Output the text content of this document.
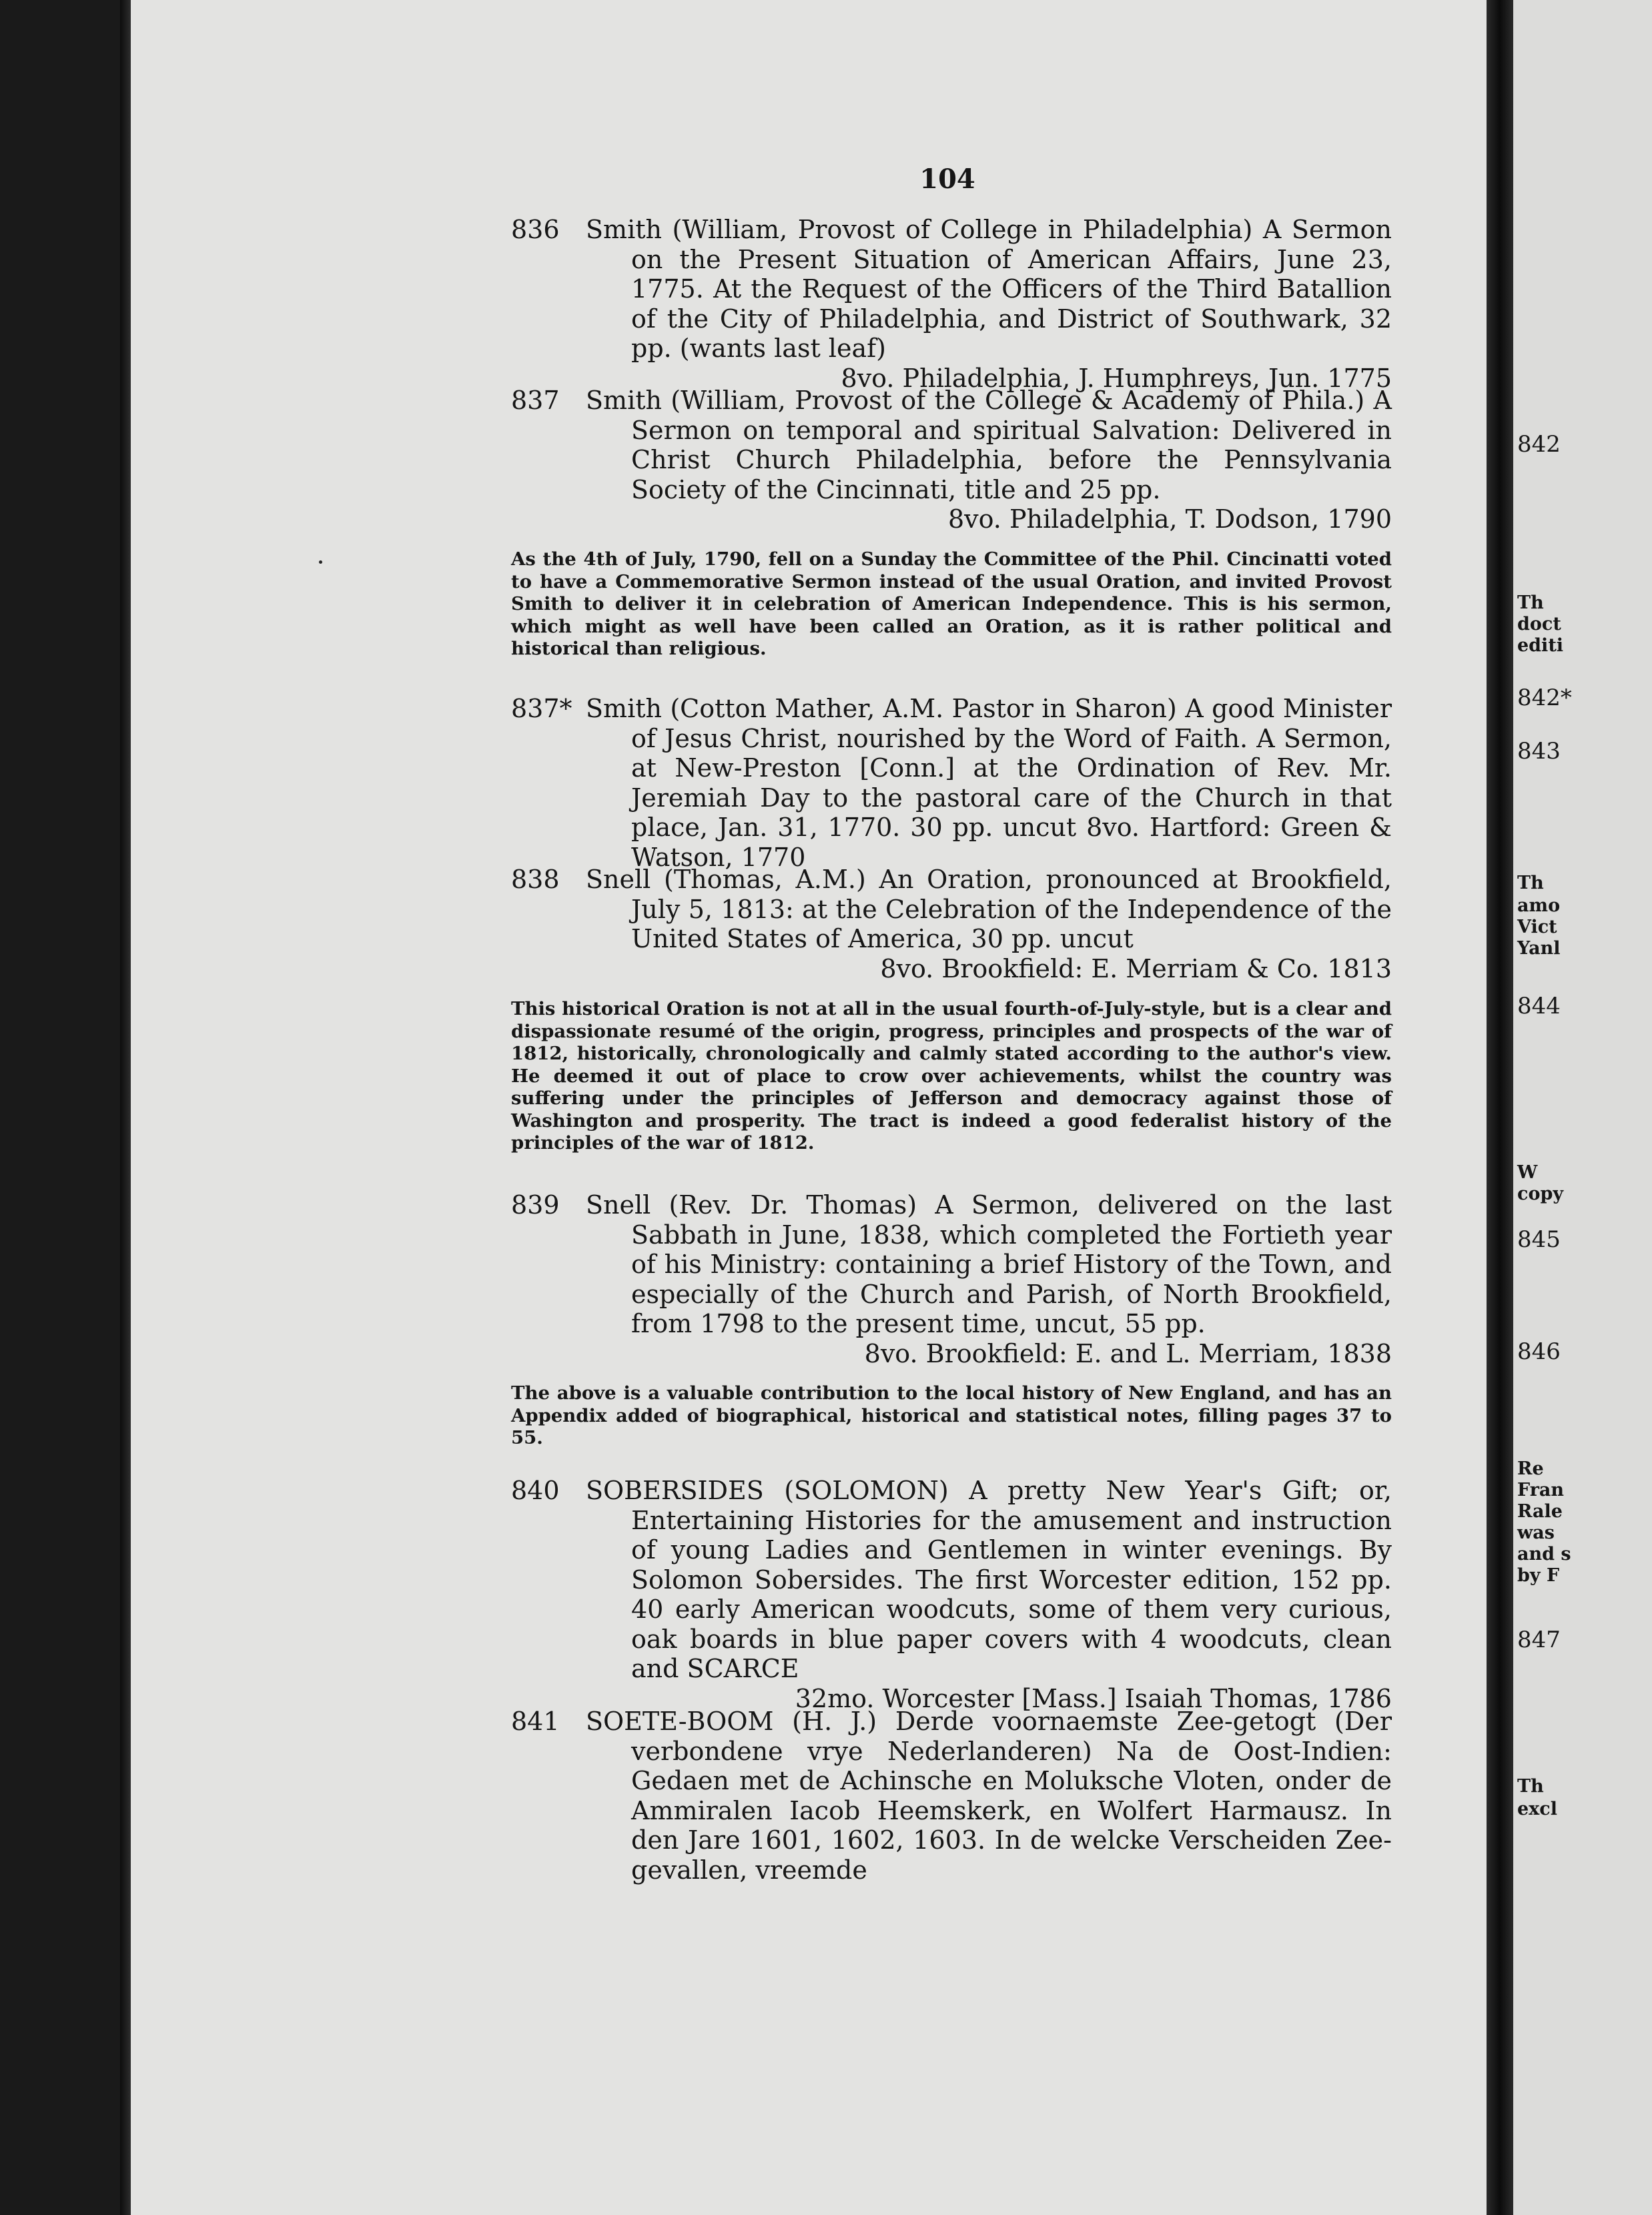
104
836 Smith (William, Provost of College in Philadelphia) A Sermon on the Present Situation of American Affairs, June 23, 1775. At the Request of the Officers of the Third Batallion of the City of Philadelphia, and District of Southwark, 32 pp. (wants last leaf)
8vo. Philadelphia, J. Humphreys, Jun. 1775
837 Smith (William, Provost of the College & Academy of Phila.) A Sermon on temporal and spiritual Salvation: Delivered in Christ Church Philadelphia, before the Pennsylvania Society of the Cincinnati, title and 25 pp.
8vo. Philadelphia, T. Dodson, 1790
As the 4th of July, 1790, fell on a Sunday the Committee of the Phil. Cincinatti voted to have a Commemorative Sermon instead of the usual Oration, and invited Provost Smith to deliver it in celebration of American Independence. This is his sermon, which might as well have been called an Oration, as it is rather political and historical than religious.
837* Smith (Cotton Mather, A.M. Pastor in Sharon) A good Minister of Jesus Christ, nourished by the Word of Faith. A Sermon, at New-Preston [Conn.] at the Ordination of Rev. Mr. Jeremiah Day to the pastoral care of the Church in that place, Jan. 31, 1770. 30 pp. uncut 8vo. Hartford: Green & Watson, 1770
838 Snell (Thomas, A.M.) An Oration, pronounced at Brookfield, July 5, 1813: at the Celebration of the Independence of the United States of America, 30 pp. uncut
8vo. Brookfield: E. Merriam & Co. 1813
This historical Oration is not at all in the usual fourth-of-July-style, but is a clear and dispassionate resumé of the origin, progress, principles and prospects of the war of 1812, historically, chronologically and calmly stated according to the author's view. He deemed it out of place to crow over achievements, whilst the country was suffering under the principles of Jefferson and democracy against those of Washington and prosperity. The tract is indeed a good federalist history of the principles of the war of 1812.
839 Snell (Rev. Dr. Thomas) A Sermon, delivered on the last Sabbath in June, 1838, which completed the Fortieth year of his Ministry: containing a brief History of the Town, and especially of the Church and Parish, of North Brookfield, from 1798 to the present time, uncut, 55 pp.
8vo. Brookfield: E. and L. Merriam, 1838
The above is a valuable contribution to the local history of New England, and has an Appendix added of biographical, historical and statistical notes, filling pages 37 to 55.
840 SOBERSIDES (SOLOMON) A pretty New Year's Gift; or, Entertaining Histories for the amusement and instruction of young Ladies and Gentlemen in winter evenings. By Solomon Sobersides. The first Worcester edition, 152 pp. 40 early American woodcuts, some of them very curious, oak boards in blue paper covers with 4 woodcuts, clean and SCARCE
32mo. Worcester [Mass.] Isaiah Thomas, 1786
841 SOETE-BOOM (H. J.) Derde voornaemste Zee-getogt (Der verbondene vrye Nederlanderen) Na de Oost-Indien: Gedaen met de Achinsche en Moluksche Vloten, onder de Ammiralen Iacob Heemskerk, en Wolfert Harmausz. In den Jare 1601, 1602, 1603. In de welcke Verscheiden Zee-gevallen, vreemde
842
Th
doct
editi
842*
843
Th
amo
Vict
Yanl
844
W
copy
845
846
Re
Fran
Rale
was
and s
by F
847
Th
excl
